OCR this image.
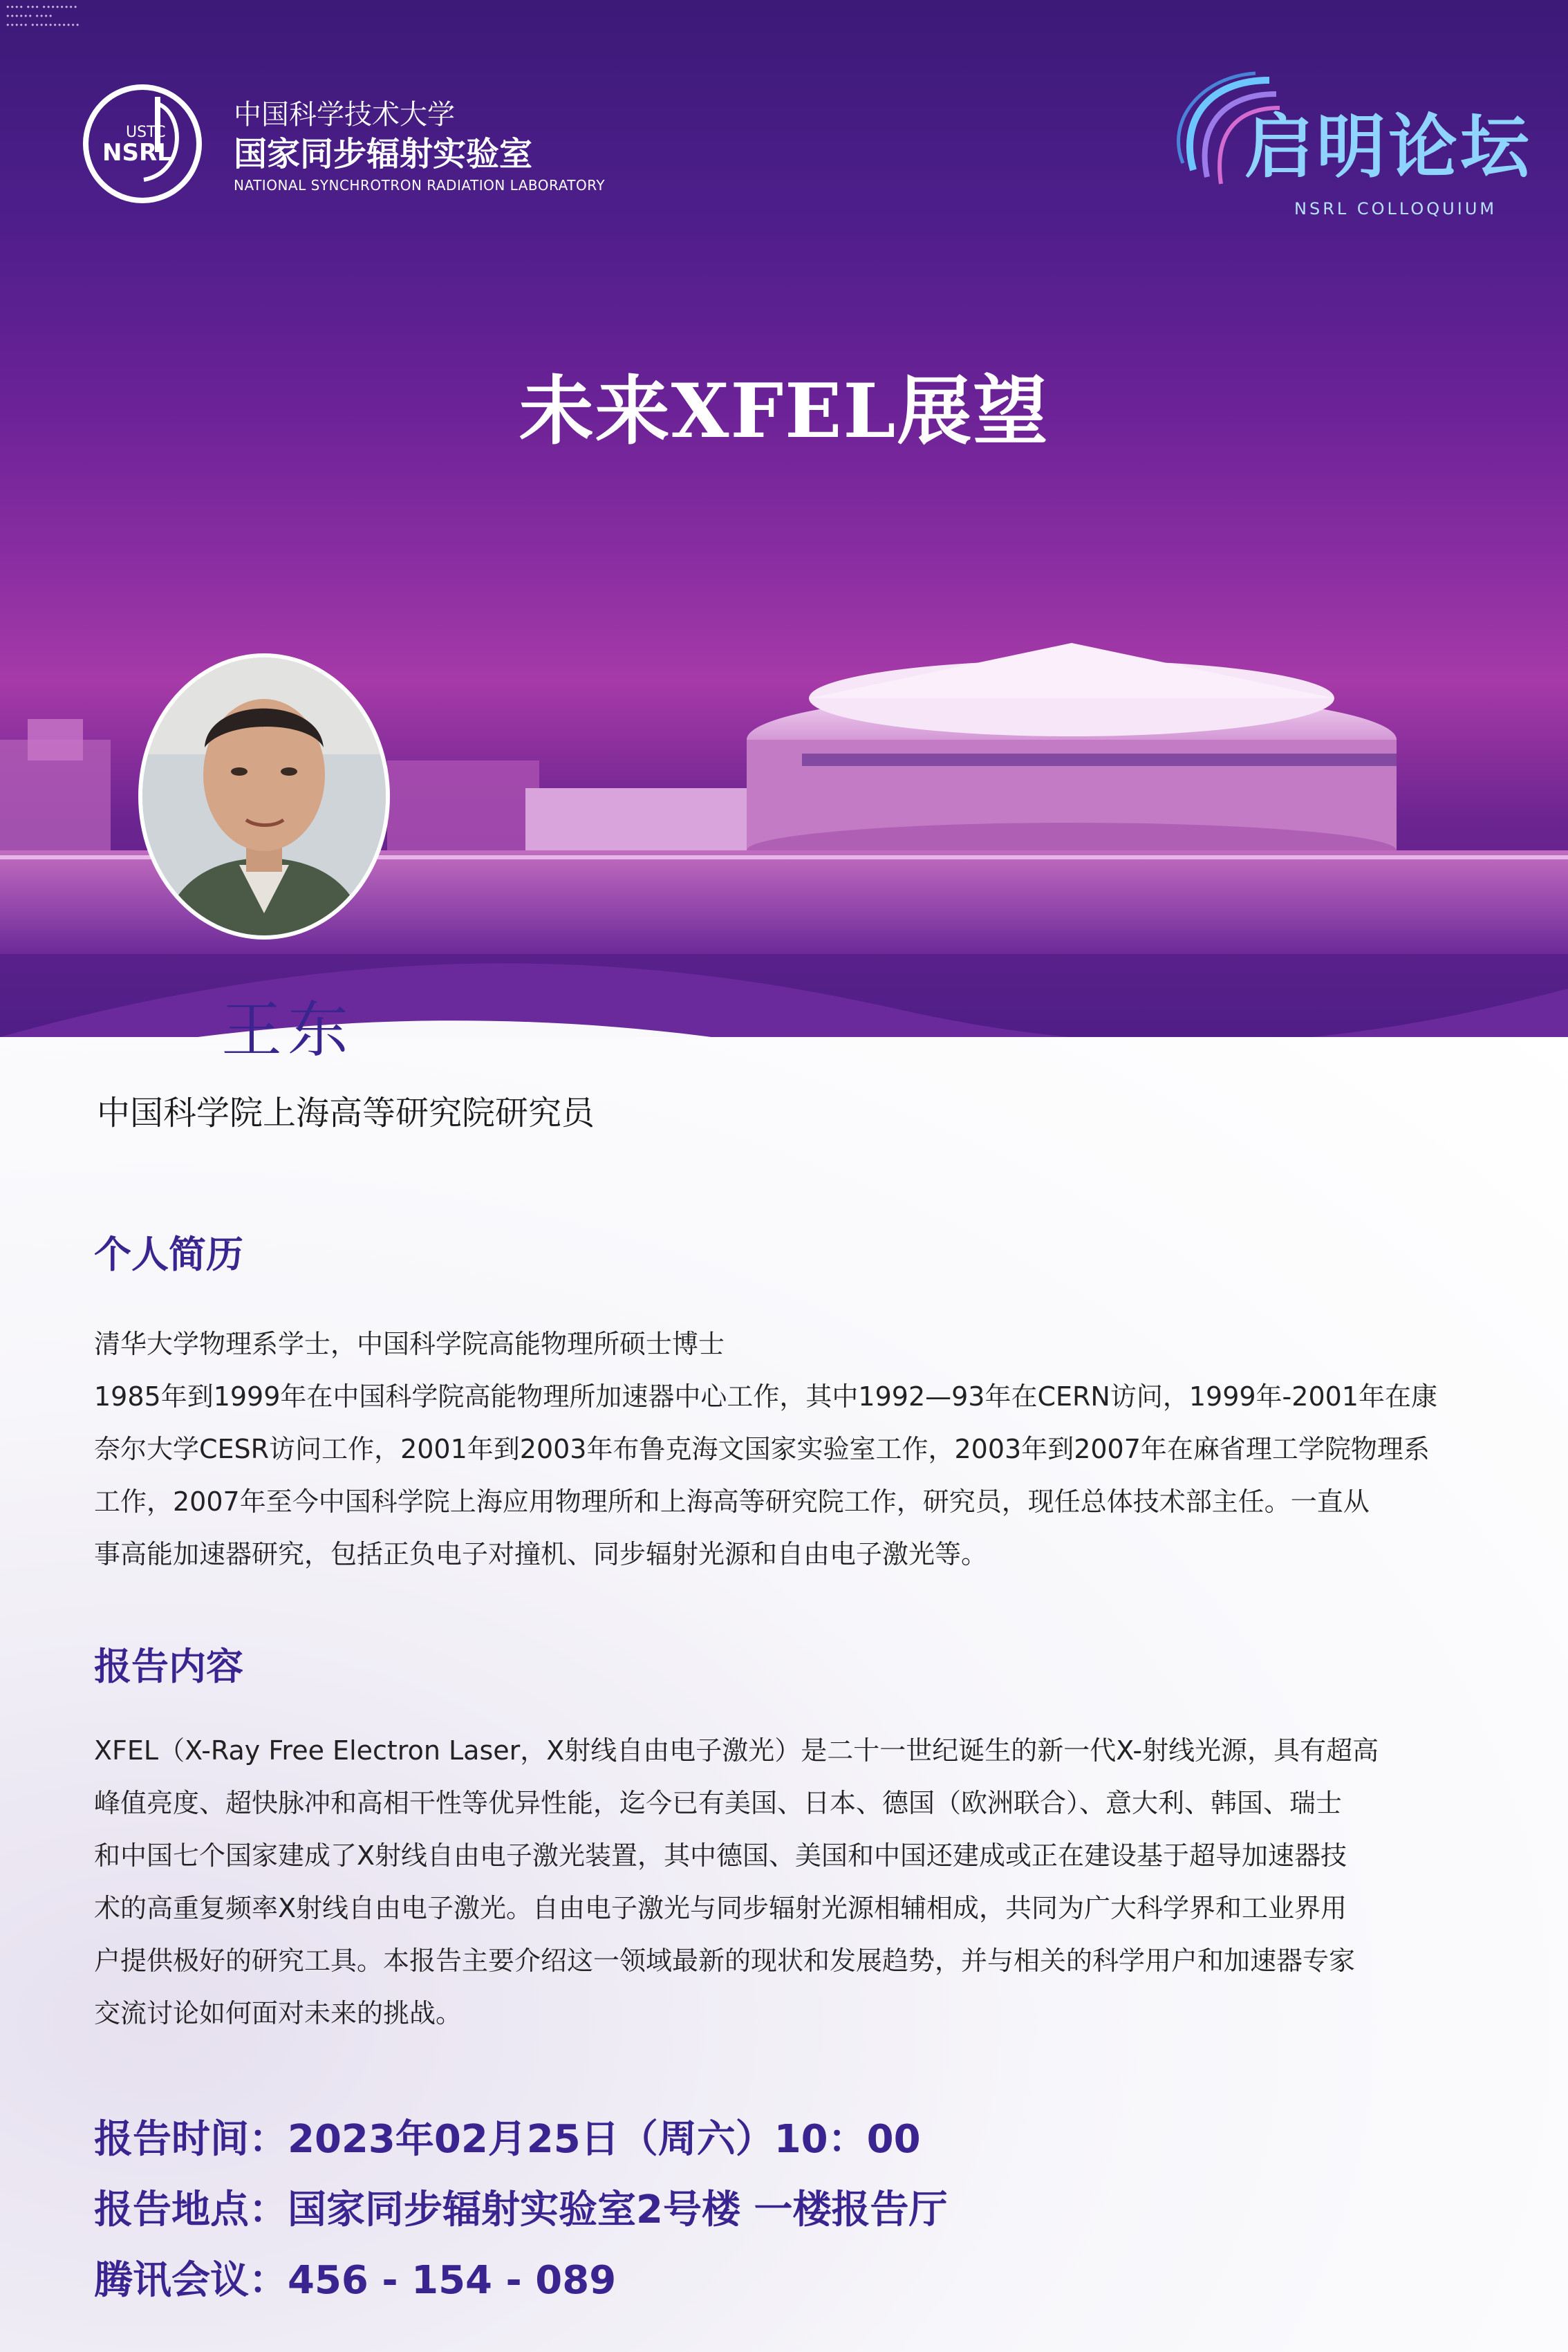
•••• ••• ••••••••
•••••• ••••
••••• •••••••••••
USTC
NSRL
中国科学技术大学
国家同步辐射实验室
NATIONAL SYNCHROTRON RADIATION LABORATORY	启明论坛
NSRL COLLOQUIUM
未来XFEL展望
王东
中国科学院上海高等研究院研究员
个人简历
清华大学物理系学士，中国科学院高能物理所硕士博士
1985年到1999年在中国科学院高能物理所加速器中心工作，其中1992—93年在CERN访问，1999年-2001年在康
奈尔大学CESR访问工作，2001年到2003年布鲁克海文国家实验室工作，2003年到2007年在麻省理工学院物理系
工作，2007年至今中国科学院上海应用物理所和上海高等研究院工作，研究员，现任总体技术部主任。一直从
事高能加速器研究，包括正负电子对撞机、同步辐射光源和自由电子激光等。
报告内容
XFEL（X-Ray Free Electron Laser，X射线自由电子激光）是二十一世纪诞生的新一代X-射线光源，具有超高
峰值亮度、超快脉冲和高相干性等优异性能，迄今已有美国、日本、德国（欧洲联合）、意大利、韩国、瑞士
和中国七个国家建成了X射线自由电子激光装置，其中德国、美国和中国还建成或正在建设基于超导加速器技
术的高重复频率X射线自由电子激光。自由电子激光与同步辐射光源相辅相成，共同为广大科学界和工业界用
户提供极好的研究工具。本报告主要介绍这一领域最新的现状和发展趋势，并与相关的科学用户和加速器专家
交流讨论如何面对未来的挑战。
报告时间：2023年02月25日（周六）10：00
报告地点：国家同步辐射实验室2号楼 一楼报告厅
腾讯会议：456 - 154 - 089
